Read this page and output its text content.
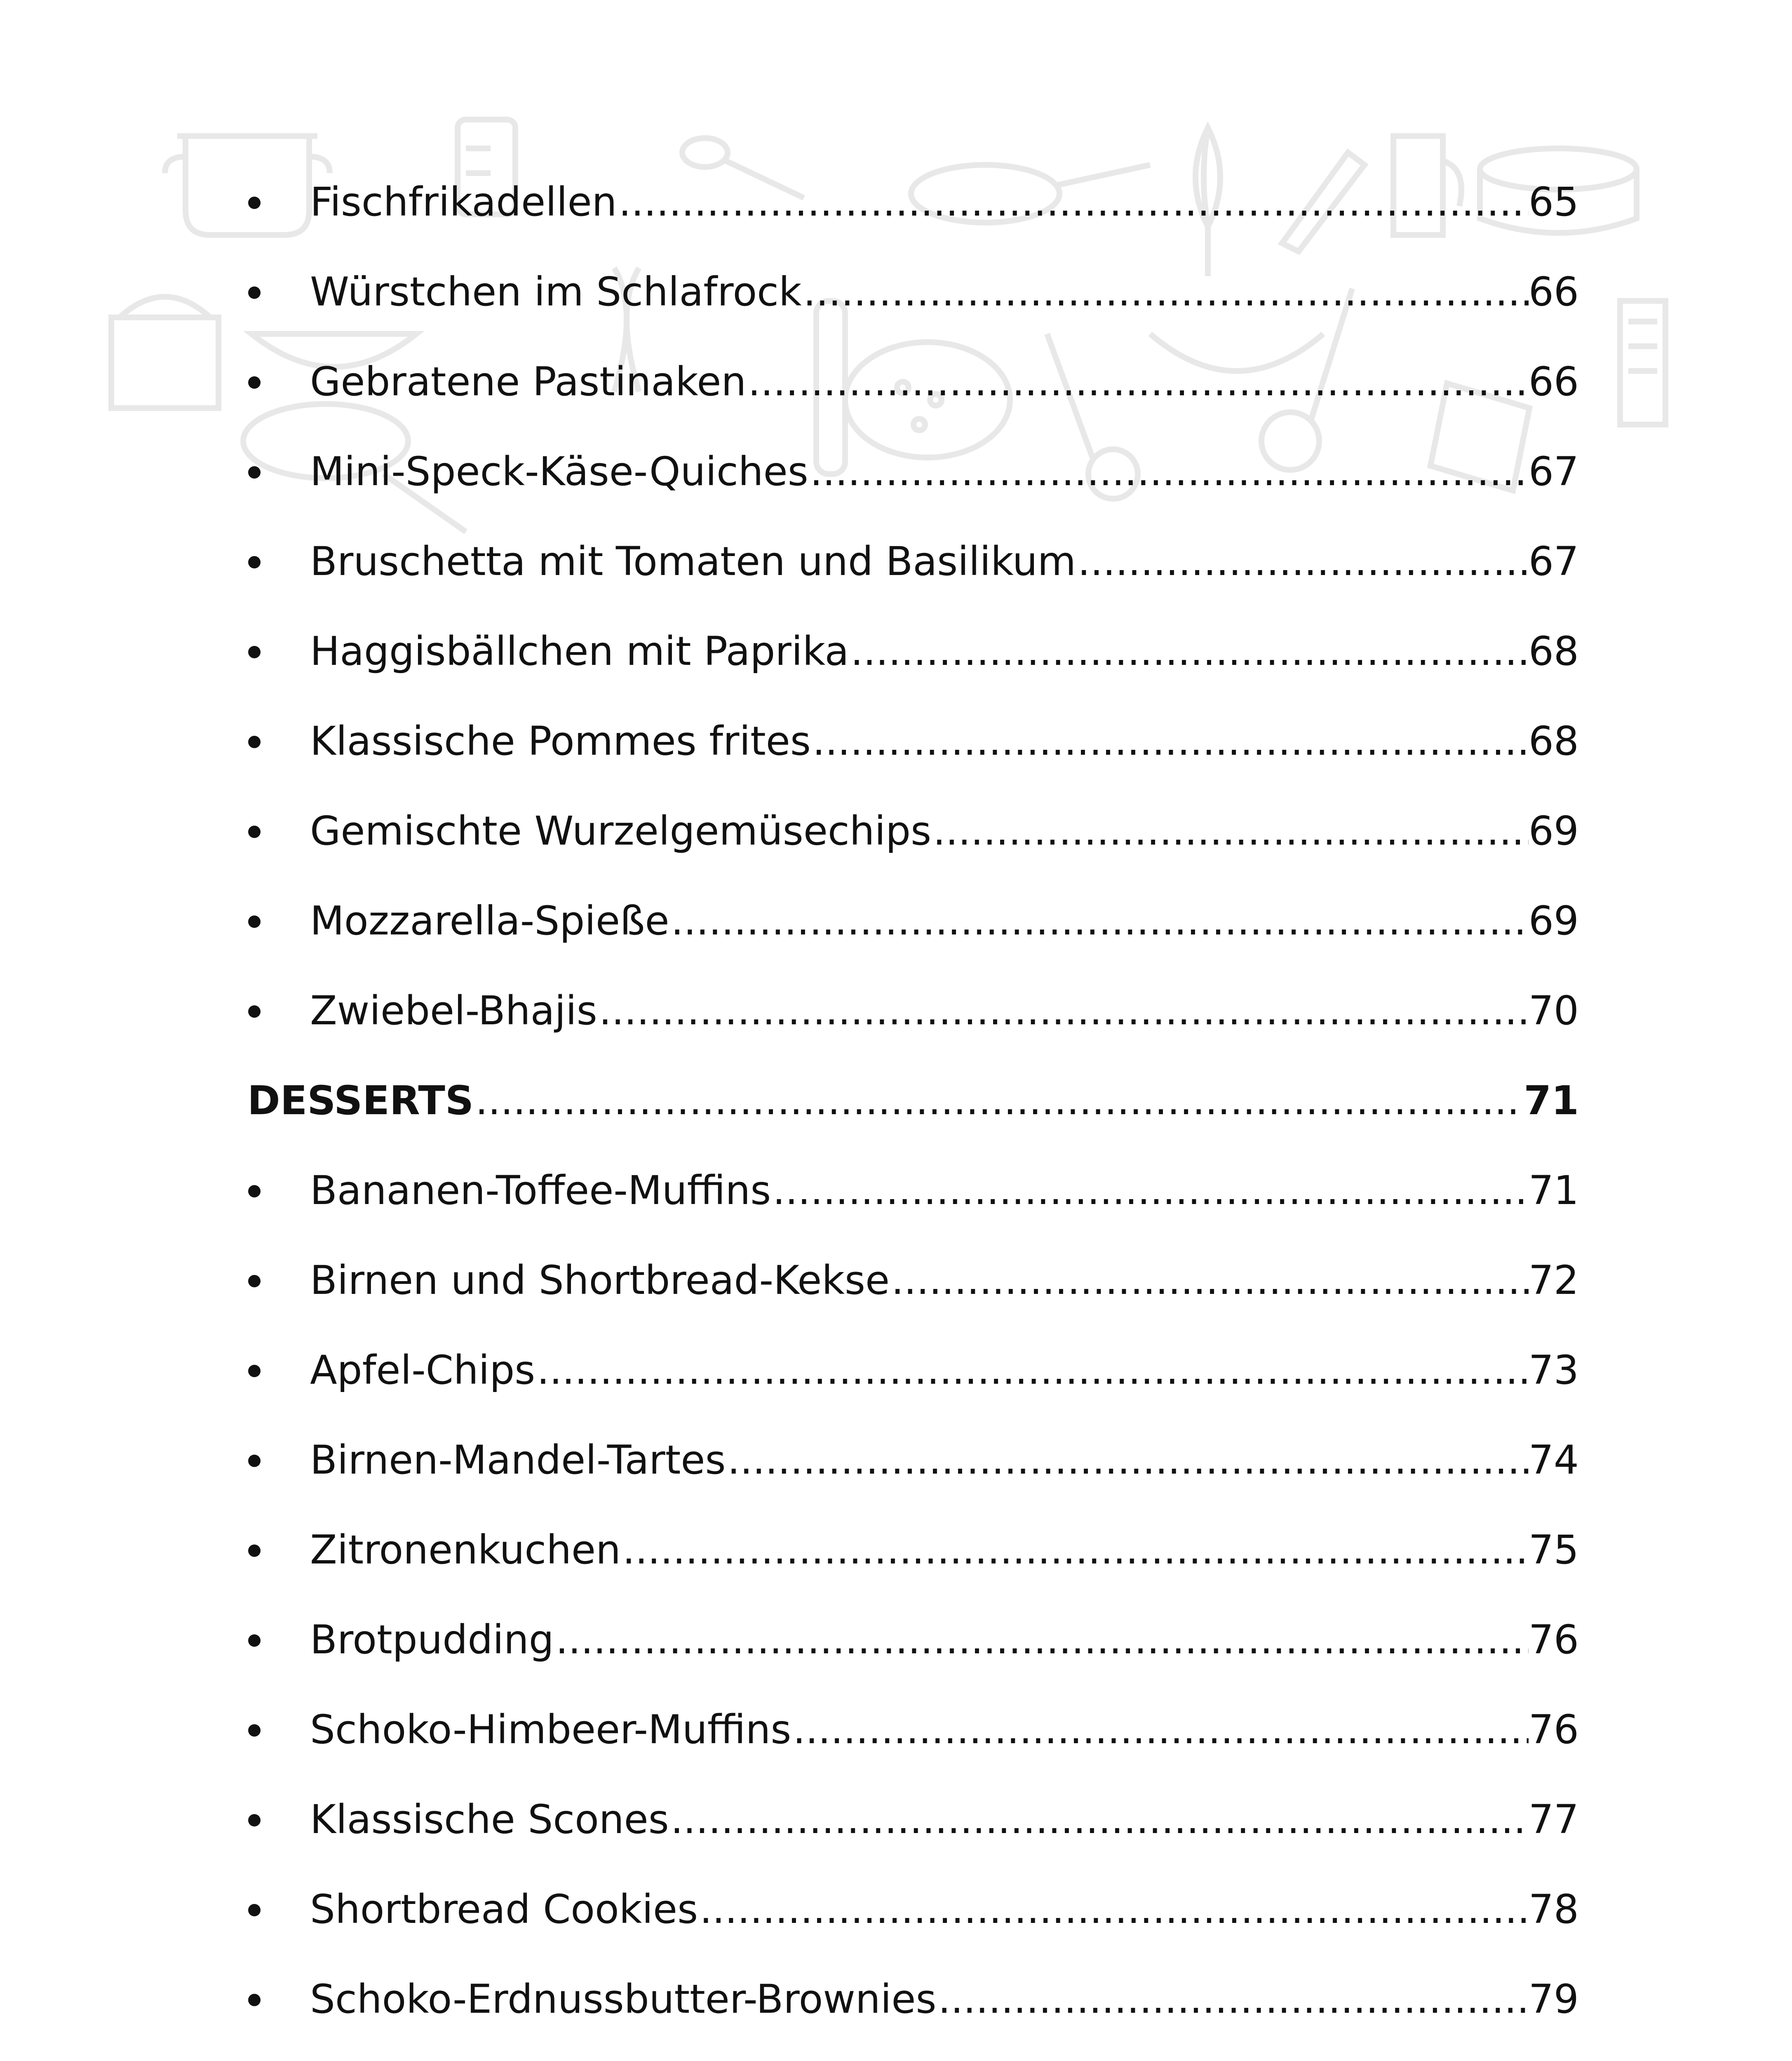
Fischfrikadellen .....	65
Würstchen im Schlafrock .....	66
Gebratene Pastinaken .....	66
Mini-Speck-Käse-Quiches .....	67
Bruschetta mit Tomaten und Basilikum .....	67
Haggisbällchen mit Paprika .....	68
Klassische Pommes frites .....	68
Gemischte Wurzelgemüsechips .....	69
Mozzarella-Spieße .....	69
Zwiebel-Bhajis .....	70
DESSERTS .....	71
Bananen-Toffee-Muffins .....	71
Birnen und Shortbread-Kekse .....	72
Apfel-Chips .....	73
Birnen-Mandel-Tartes .....	74
Zitronenkuchen .....	75
Brotpudding .....	76
Schoko-Himbeer-Muffins .....	76
Klassische Scones .....	77
Shortbread Cookies .....	78
Schoko-Erdnussbutter-Brownies .....	79
.....
